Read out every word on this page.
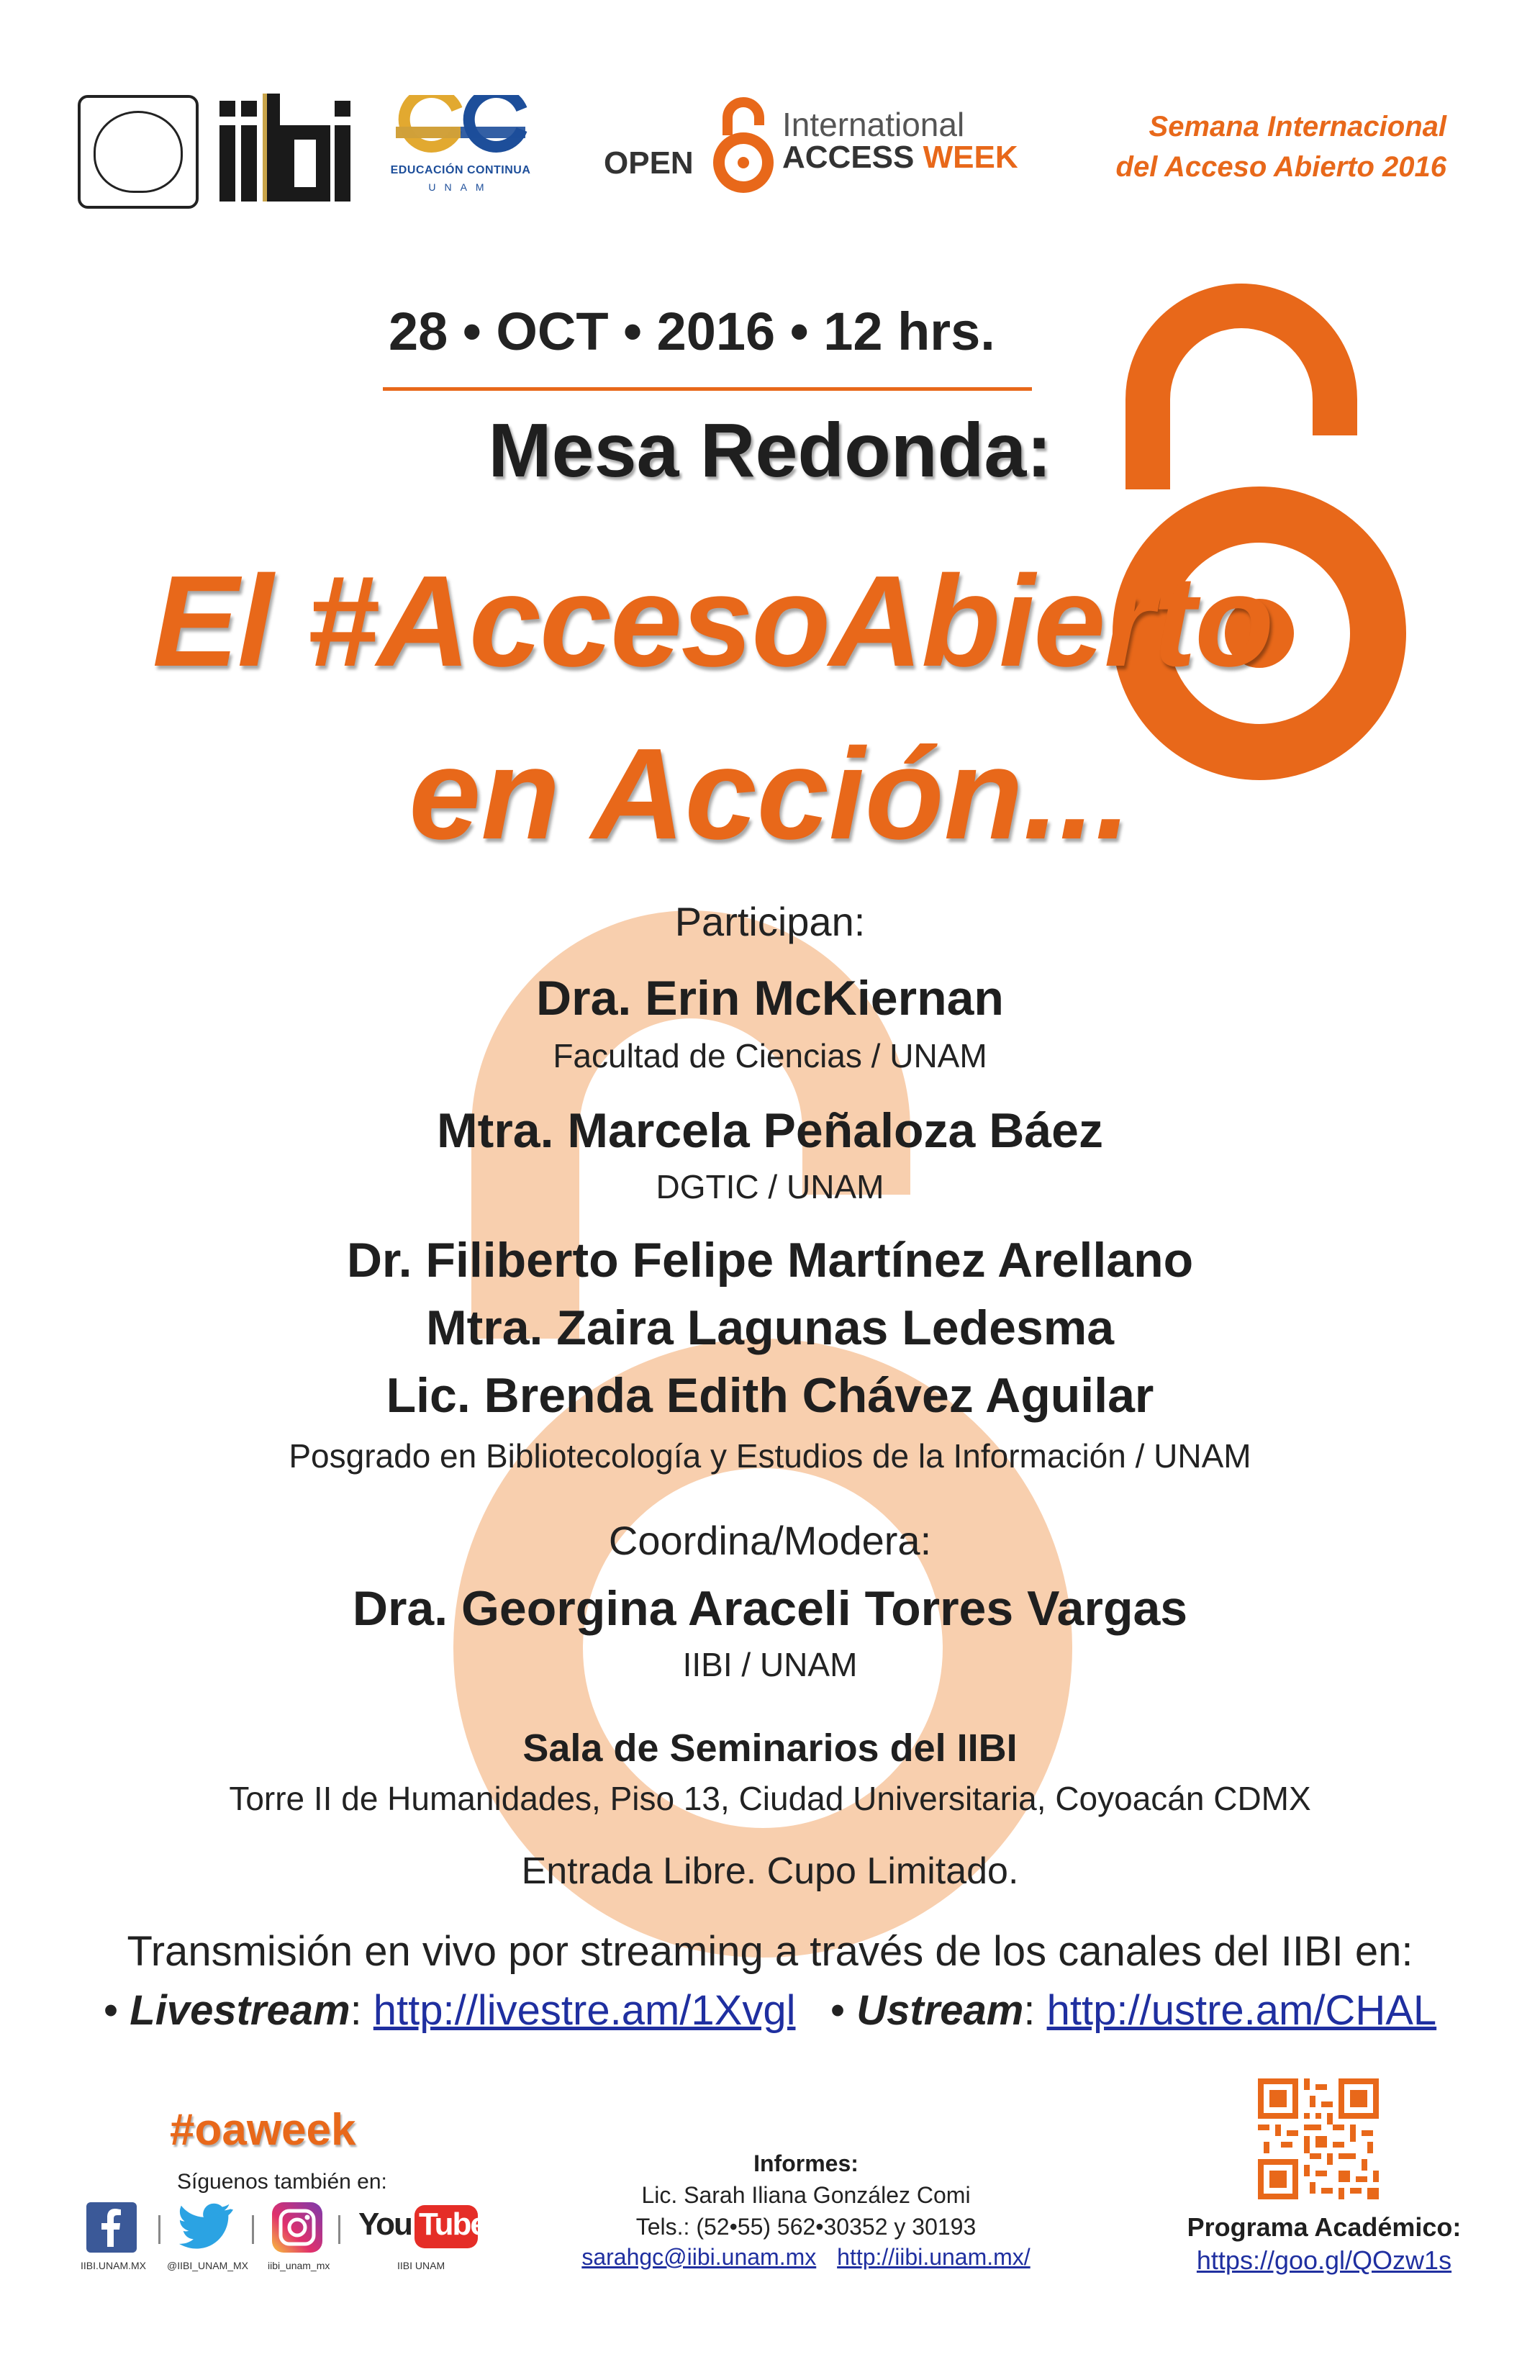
EDUCACIÓN CONTINUA
UNAM
OPEN
International
ACCESS WEEK
Semana Internacional
del Acceso Abierto 2016
28 • OCT • 2016 • 12 hrs.
Mesa Redonda:
El #AccesoAbierto
en Acción...
Participan:
Dra. Erin McKiernan
Facultad de Ciencias / UNAM
Mtra. Marcela Peñaloza Báez
DGTIC / UNAM
Dr. Filiberto Felipe Martínez Arellano
Mtra. Zaira Lagunas Ledesma
Lic. Brenda Edith Chávez Aguilar
Posgrado en Bibliotecología y Estudios de la Información / UNAM
Coordina/Modera:
Dra. Georgina Araceli Torres Vargas
IIBI / UNAM
Sala de Seminarios del IIBI
Torre II de Humanidades, Piso 13, Ciudad Universitaria, Coyoacán CDMX
Entrada Libre. Cupo Limitado.
Transmisión en vivo por streaming a través de los canales del IIBI en:
• Livestream: http://livestre.am/1Xvgl   • Ustream: http://ustre.am/CHAL
#oaweek
Síguenos también en:
You Tube
IIBI.UNAM.MX @IIBI_UNAM_MX iibi_unam_mx	IIBI UNAM
Informes:
Lic. Sarah Iliana González Comi
Tels.: (52•55) 562•30352 y 30193
sarahgc@iibi.unam.mx http://iibi.unam.mx/
Programa Académico:
https://goo.gl/QOzw1s
